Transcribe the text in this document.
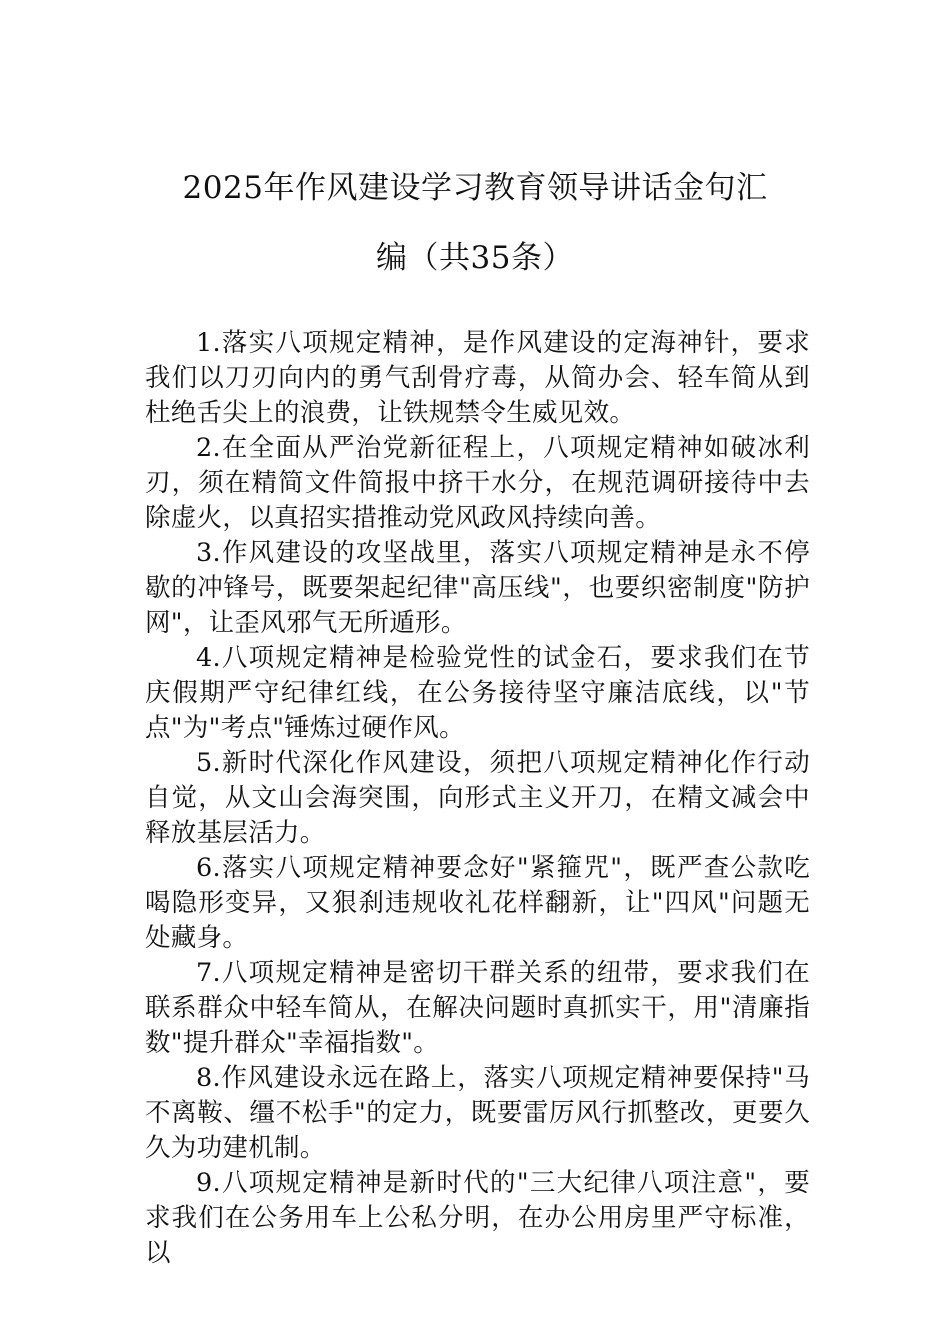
2025年作风建设学习教育领导讲话金句汇
编（共35条）

1.落实八项规定精神，是作风建设的定海神针，要求我们以刀刃向内的勇气刮骨疗毒，从简办会、轻车简从到杜绝舌尖上的浪费，让铁规禁令生威见效。

2.在全面从严治党新征程上，八项规定精神如破冰利刃，须在精简文件简报中挤干水分，在规范调研接待中去除虚火，以真招实措推动党风政风持续向善。

3.作风建设的攻坚战里，落实八项规定精神是永不停歇的冲锋号，既要架起纪律"高压线"，也要织密制度"防护网"，让歪风邪气无所遁形。

4.八项规定精神是检验党性的试金石，要求我们在节庆假期严守纪律红线，在公务接待坚守廉洁底线，以"节点"为"考点"锤炼过硬作风。

5.新时代深化作风建设，须把八项规定精神化作行动自觉，从文山会海突围，向形式主义开刀，在精文减会中释放基层活力。

6.落实八项规定精神要念好"紧箍咒"，既严查公款吃喝隐形变异，又狠刹违规收礼花样翻新，让"四风"问题无处藏身。

7.八项规定精神是密切干群关系的纽带，要求我们在联系群众中轻车简从，在解决问题时真抓实干，用"清廉指数"提升群众"幸福指数"。

8.作风建设永远在路上，落实八项规定精神要保持"马不离鞍、缰不松手"的定力，既要雷厉风行抓整改，更要久久为功建机制。

9.八项规定精神是新时代的"三大纪律八项注意"，要求我们在公务用车上公私分明，在办公用房里严守标准，以
